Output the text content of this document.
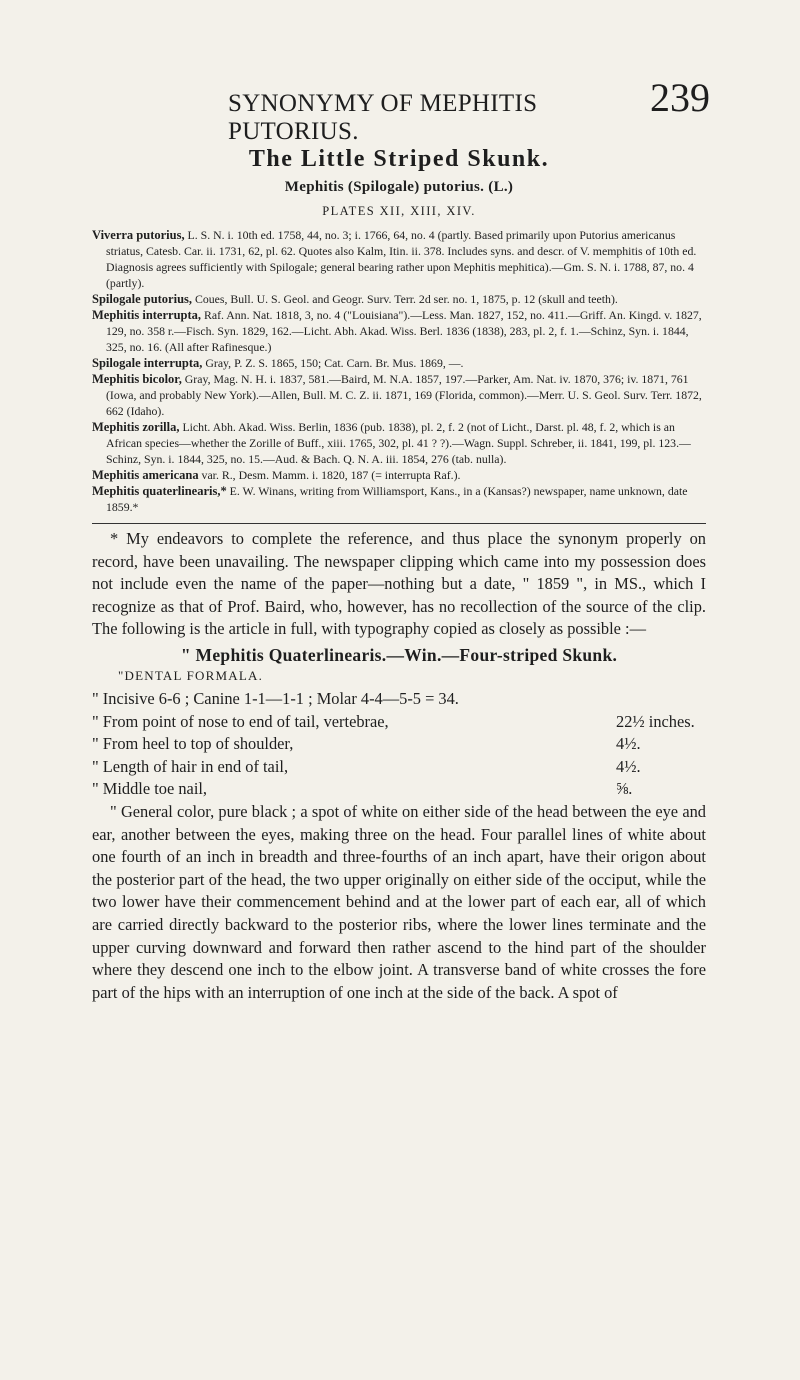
SYNONYMY OF MEPHITIS PUTORIUS.
239
The Little Striped Skunk.
Mephitis (Spilogale) putorius. (L.)
PLATES XII, XIII, XIV.

Viverra putorius, L. S. N. i. 10th ed. 1758, 44, no. 3; i. 1766, 64, no. 4 (partly. Based primarily upon Putorius americanus striatus, Catesb. Car. ii. 1731, 62, pl. 62. Quotes also Kalm, Itin. ii. 378. Includes syns. and descr. of V. memphitis of 10th ed. Diagnosis agrees sufficiently with Spilogale; general bearing rather upon Mephitis mephitica).—Gm. S. N. i. 1788, 87, no. 4 (partly).

Spilogale putorius, Coues, Bull. U. S. Geol. and Geogr. Surv. Terr. 2d ser. no. 1, 1875, p. 12 (skull and teeth).

Mephitis interrupta, Raf. Ann. Nat. 1818, 3, no. 4 ("Louisiana").—Less. Man. 1827, 152, no. 411.—Griff. An. Kingd. v. 1827, 129, no. 358 r.—Fisch. Syn. 1829, 162.—Licht. Abh. Akad. Wiss. Berl. 1836 (1838), 283, pl. 2, f. 1.—Schinz, Syn. i. 1844, 325, no. 16. (All after Rafinesque.)

Spilogale interrupta, Gray, P. Z. S. 1865, 150; Cat. Carn. Br. Mus. 1869, —.

Mephitis bicolor, Gray, Mag. N. H. i. 1837, 581.—Baird, M. N.A. 1857, 197.—Parker, Am. Nat. iv. 1870, 376; iv. 1871, 761 (Iowa, and probably New York).—Allen, Bull. M. C. Z. ii. 1871, 169 (Florida, common).—Merr. U. S. Geol. Surv. Terr. 1872, 662 (Idaho).

Mephitis zorilla, Licht. Abh. Akad. Wiss. Berlin, 1836 (pub. 1838), pl. 2, f. 2 (not of Licht., Darst. pl. 48, f. 2, which is an African species—whether the Zorille of Buff., xiii. 1765, 302, pl. 41 ? ?).—Wagn. Suppl. Schreber, ii. 1841, 199, pl. 123.—Schinz, Syn. i. 1844, 325, no. 15.—Aud. & Bach. Q. N. A. iii. 1854, 276 (tab. nulla).

Mephitis americana var. R., Desm. Mamm. i. 1820, 187 (= interrupta Raf.).

Mephitis quaterlinearis,* E. W. Winans, writing from Williamsport, Kans., in a (Kansas?) newspaper, name unknown, date 1859.*

* My endeavors to complete the reference, and thus place the synonym properly on record, have been unavailing. The newspaper clipping which came into my possession does not include even the name of the paper—nothing but a date, " 1859 ", in MS., which I recognize as that of Prof. Baird, who, however, has no recollection of the source of the clip. The following is the article in full, with typography copied as closely as possible :—

" Mephitis Quaterlinearis.—Win.—Four-striped Skunk.
"DENTAL FORMALA.

" Incisive 6-6 ; Canine 1-1—1-1 ; Molar 4-4—5-5 = 34.

" From point of nose to end of tail, vertebrae,	22½ inches.
" From heel to top of shoulder,	4½.
" Length of hair in end of tail,	4½.
" Middle toe nail,	⅝.

" General color, pure black ; a spot of white on either side of the head between the eye and ear, another between the eyes, making three on the head. Four parallel lines of white about one fourth of an inch in breadth and three-fourths of an inch apart, have their origon about the posterior part of the head, the two upper originally on either side of the occiput, while the two lower have their commencement behind and at the lower part of each ear, all of which are carried directly backward to the posterior ribs, where the lower lines terminate and the upper curving downward and forward then rather ascend to the hind part of the shoulder where they descend one inch to the elbow joint. A transverse band of white crosses the fore part of the hips with an interruption of one inch at the side of the back. A spot of
